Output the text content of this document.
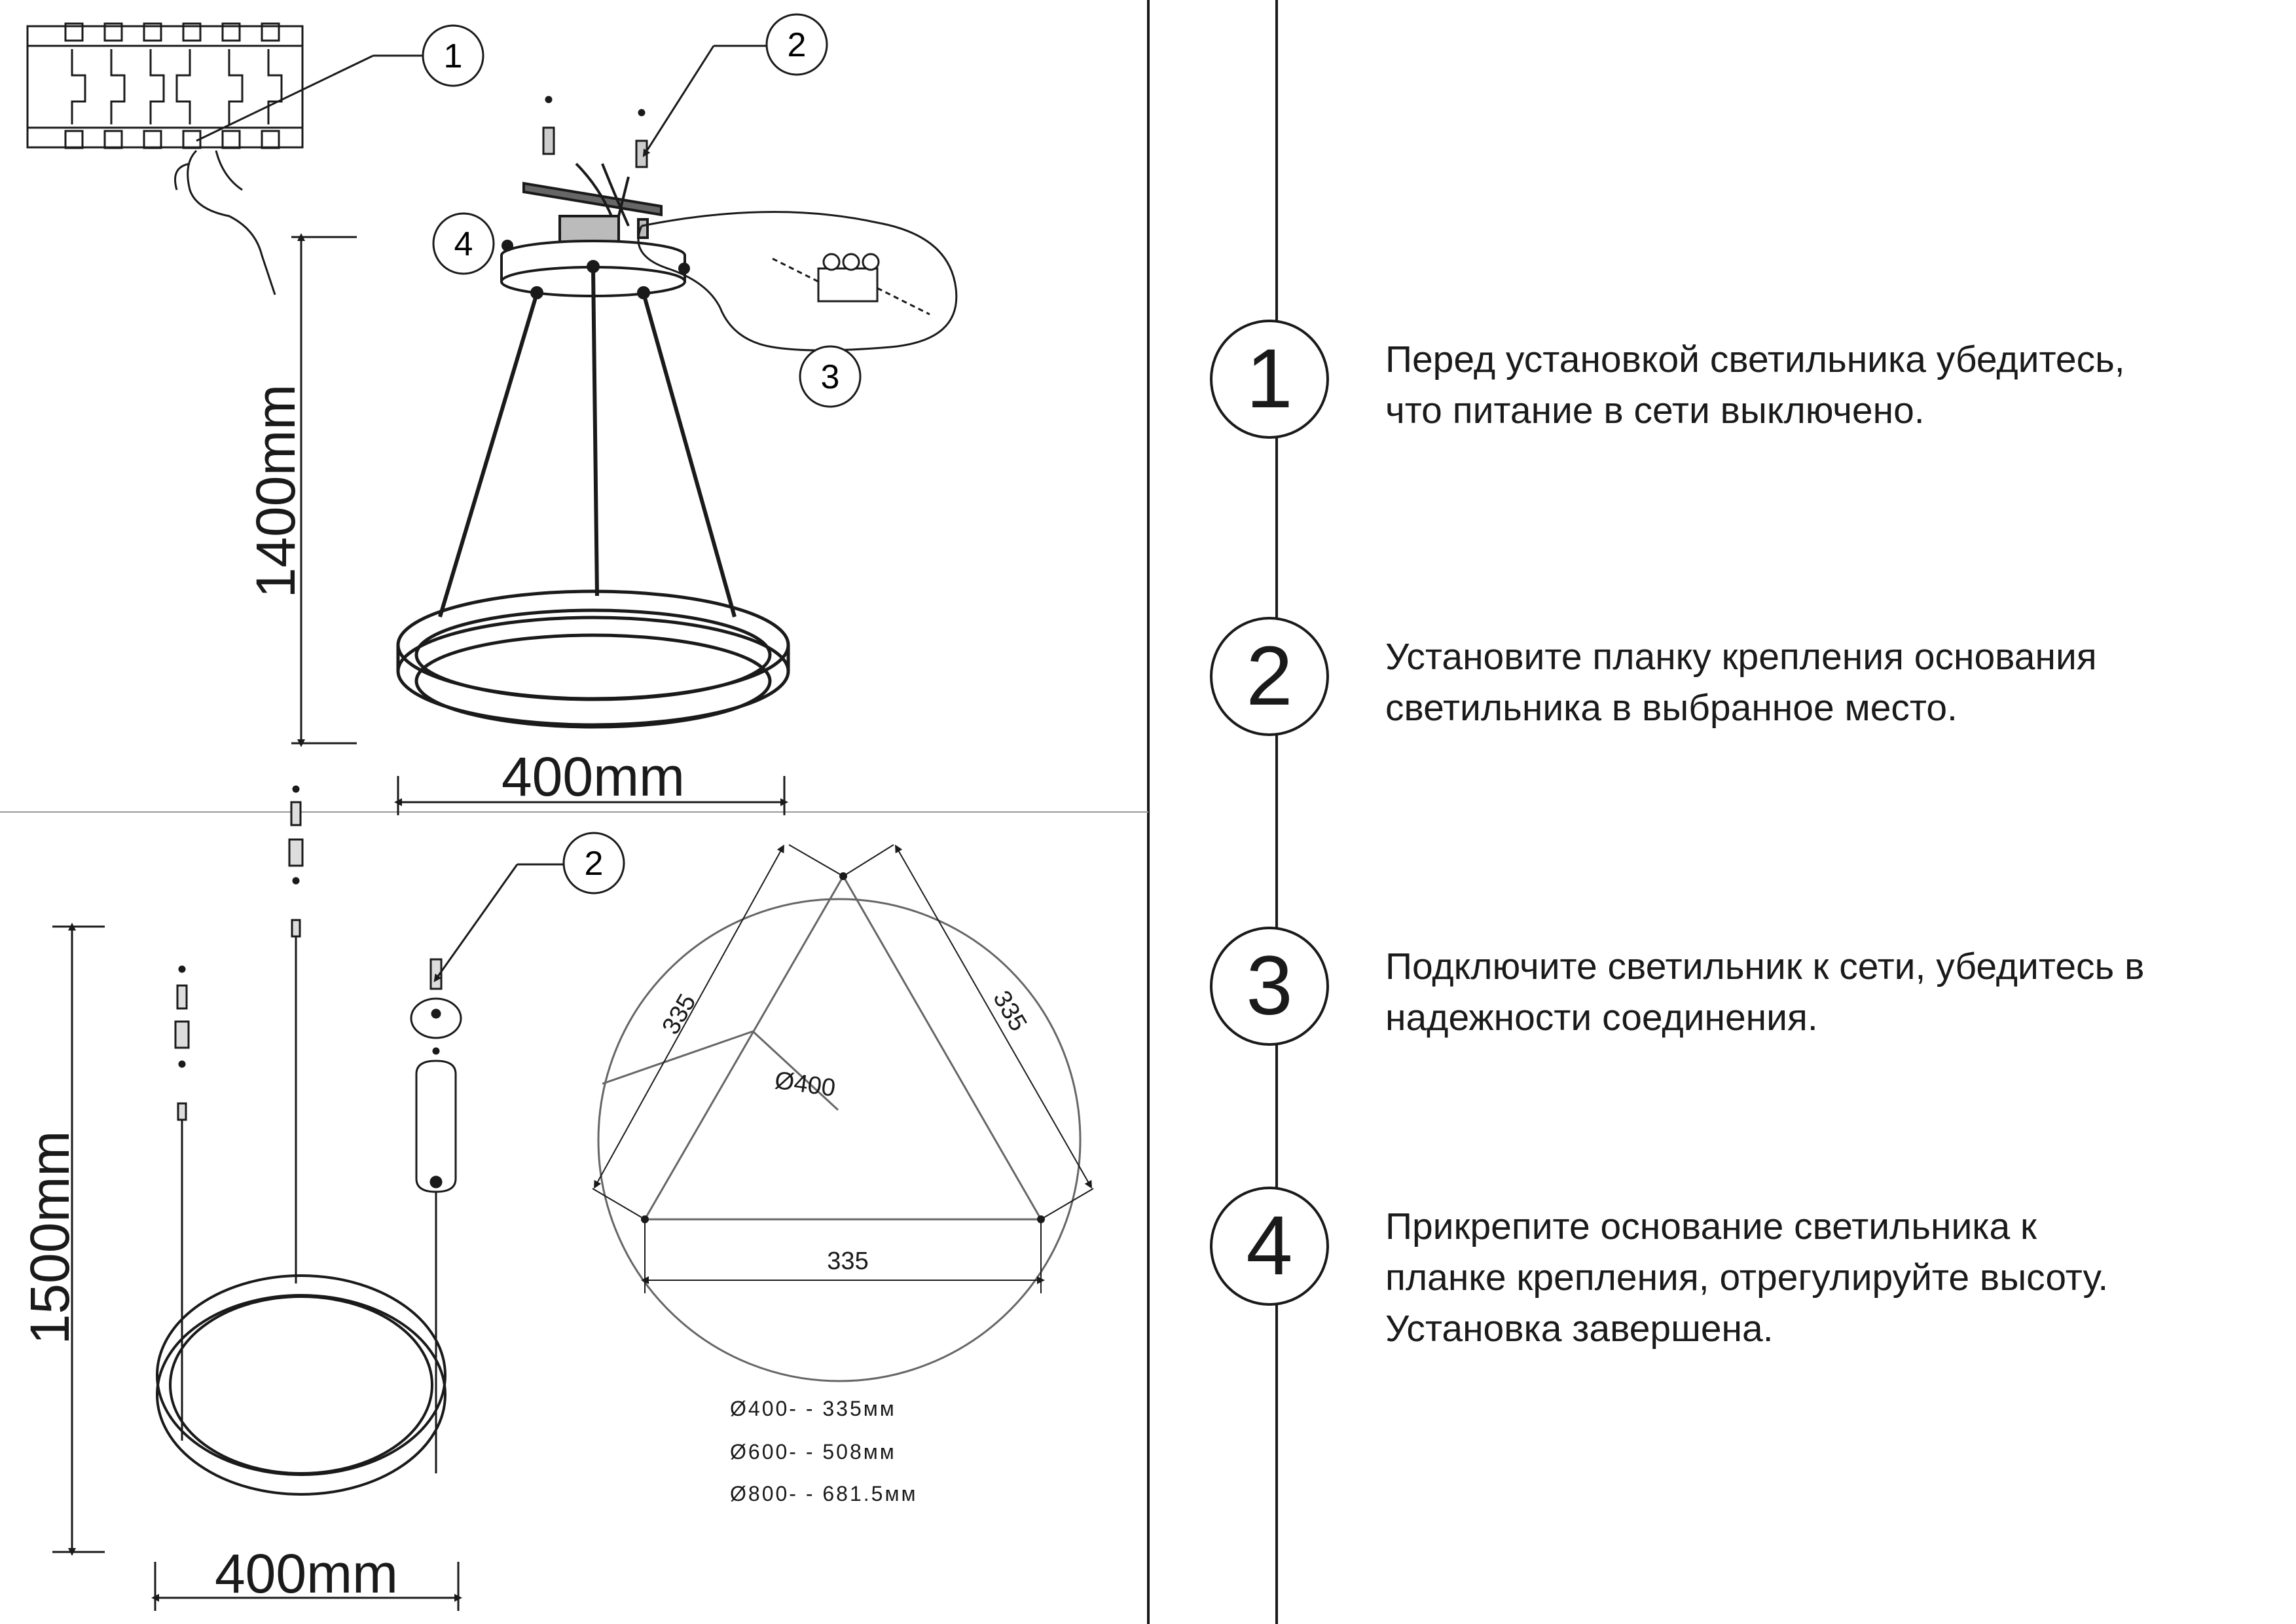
1	2
4
3
1400mm
400mm
2
1500mm
400mm
Ø400
335	335
335
Ø400- - 335мм
Ø600- - 508мм
Ø800- - 681.5мм
1	Перед установкой светильника убедитесь,
что питание в сети выключено.
2	Установите планку крепления основания
светильника в выбранное место.
3	Подключите светильник к сети, убедитесь в
надежности соединения.
4	Прикрепите основание светильника к
планке крепления, отрегулируйте высоту.
Установка завершена.
